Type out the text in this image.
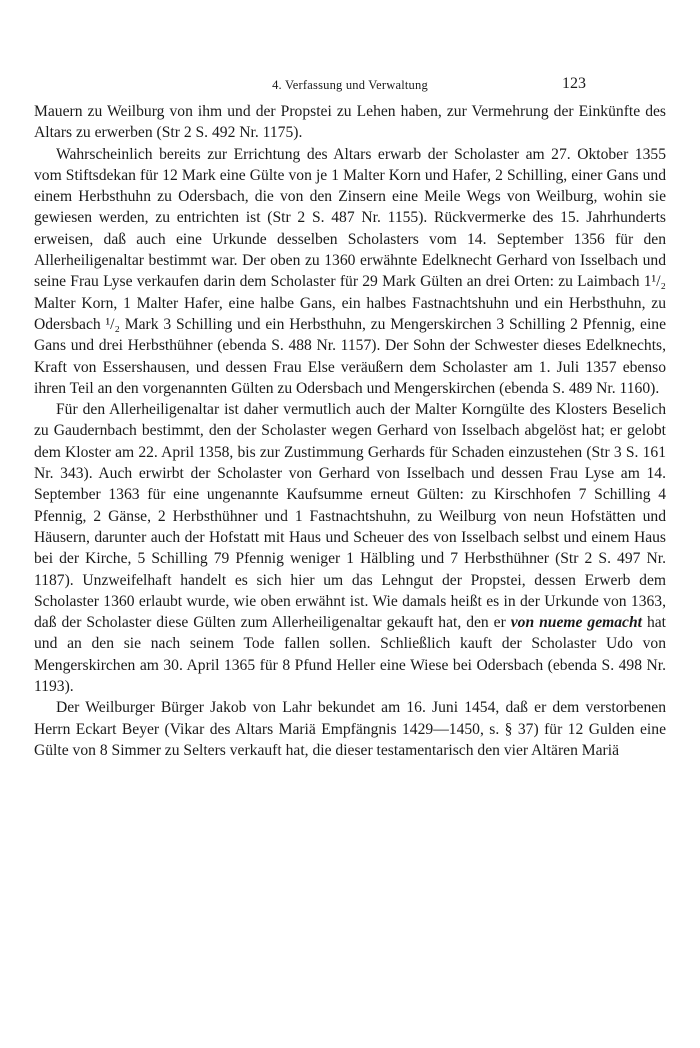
4. Verfassung und Verwaltung	123

Mauern zu Weilburg von ihm und der Propstei zu Lehen haben, zur Vermehrung der Einkünfte des Altars zu erwerben (Str 2 S. 492 Nr. 1175).

Wahrscheinlich bereits zur Errichtung des Altars erwarb der Scholaster am 27. Oktober 1355 vom Stiftsdekan für 12 Mark eine Gülte von je 1 Malter Korn und Hafer, 2 Schilling, einer Gans und einem Herbsthuhn zu Odersbach, die von den Zinsern eine Meile Wegs von Weilburg, wohin sie gewiesen werden, zu entrichten ist (Str 2 S. 487 Nr. 1155). Rückvermerke des 15. Jahrhunderts erweisen, daß auch eine Urkunde desselben Scholasters vom 14. September 1356 für den Allerheiligenaltar bestimmt war. Der oben zu 1360 erwähnte Edelknecht Gerhard von Isselbach und seine Frau Lyse verkaufen darin dem Scholaster für 29 Mark Gülten an drei Orten: zu Laimbach 1¹/₂ Malter Korn, 1 Malter Hafer, eine halbe Gans, ein halbes Fastnachtshuhn und ein Herbsthuhn, zu Odersbach ¹/₂ Mark 3 Schilling und ein Herbsthuhn, zu Mengerskirchen 3 Schilling 2 Pfennig, eine Gans und drei Herbsthühner (ebenda S. 488 Nr. 1157). Der Sohn der Schwester dieses Edelknechts, Kraft von Essershausen, und dessen Frau Else veräußern dem Scholaster am 1. Juli 1357 ebenso ihren Teil an den vorgenannten Gülten zu Odersbach und Mengerskirchen (ebenda S. 489 Nr. 1160).

Für den Allerheiligenaltar ist daher vermutlich auch der Malter Korngülte des Klosters Beselich zu Gaudernbach bestimmt, den der Scholaster wegen Gerhard von Isselbach abgelöst hat; er gelobt dem Kloster am 22. April 1358, bis zur Zustimmung Gerhards für Schaden einzustehen (Str 3 S. 161 Nr. 343). Auch erwirbt der Scholaster von Gerhard von Isselbach und dessen Frau Lyse am 14. September 1363 für eine ungenannte Kaufsumme erneut Gülten: zu Kirschhofen 7 Schilling 4 Pfennig, 2 Gänse, 2 Herbsthühner und 1 Fastnachtshuhn, zu Weilburg von neun Hofstätten und Häusern, darunter auch der Hofstatt mit Haus und Scheuer des von Isselbach selbst und einem Haus bei der Kirche, 5 Schilling 79 Pfennig weniger 1 Hälbling und 7 Herbsthühner (Str 2 S. 497 Nr. 1187). Unzweifelhaft handelt es sich hier um das Lehngut der Propstei, dessen Erwerb dem Scholaster 1360 erlaubt wurde, wie oben erwähnt ist. Wie damals heißt es in der Urkunde von 1363, daß der Scholaster diese Gülten zum Allerheiligenaltar gekauft hat, den er von nueme gemacht hat und an den sie nach seinem Tode fallen sollen. Schließlich kauft der Scholaster Udo von Mengerskirchen am 30. April 1365 für 8 Pfund Heller eine Wiese bei Odersbach (ebenda S. 498 Nr. 1193).

Der Weilburger Bürger Jakob von Lahr bekundet am 16. Juni 1454, daß er dem verstorbenen Herrn Eckart Beyer (Vikar des Altars Mariä Empfängnis 1429—1450, s. § 37) für 12 Gulden eine Gülte von 8 Simmer zu Selters verkauft hat, die dieser testamentarisch den vier Altären Mariä
